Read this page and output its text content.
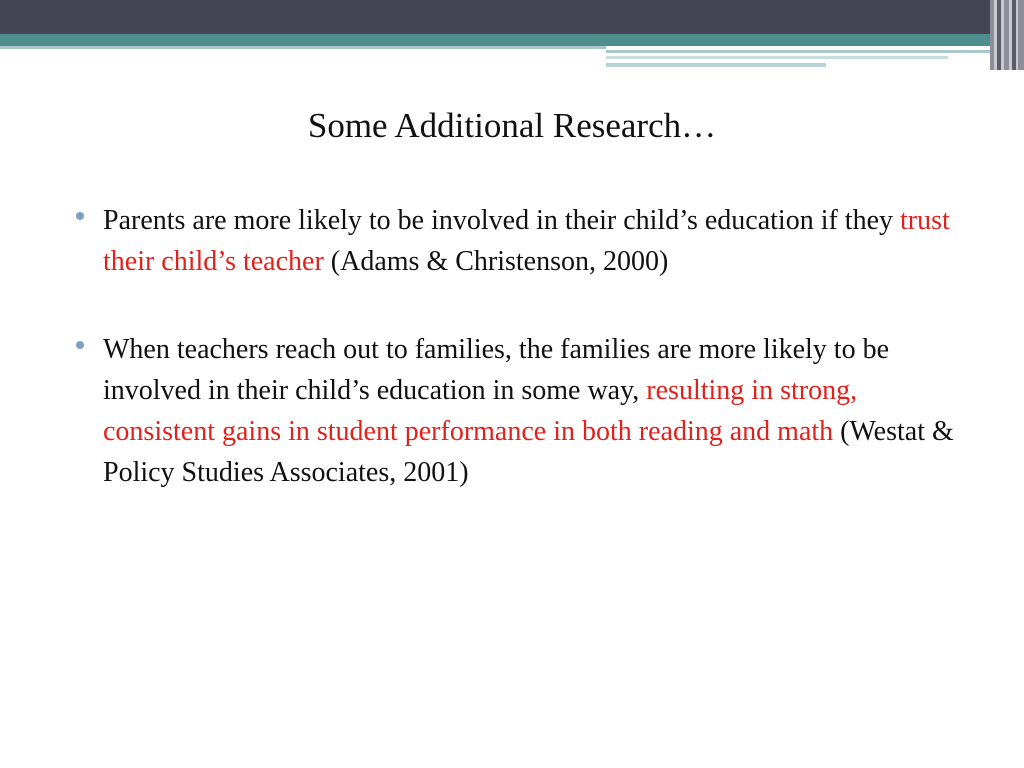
Some Additional Research…
Parents are more likely to be involved in their child’s education if they trust their child’s teacher (Adams & Christenson, 2000)
When teachers reach out to families, the families are more likely to be involved in their child’s education in some way, resulting in strong, consistent gains in student performance in both reading and math (Westat & Policy Studies Associates, 2001)
